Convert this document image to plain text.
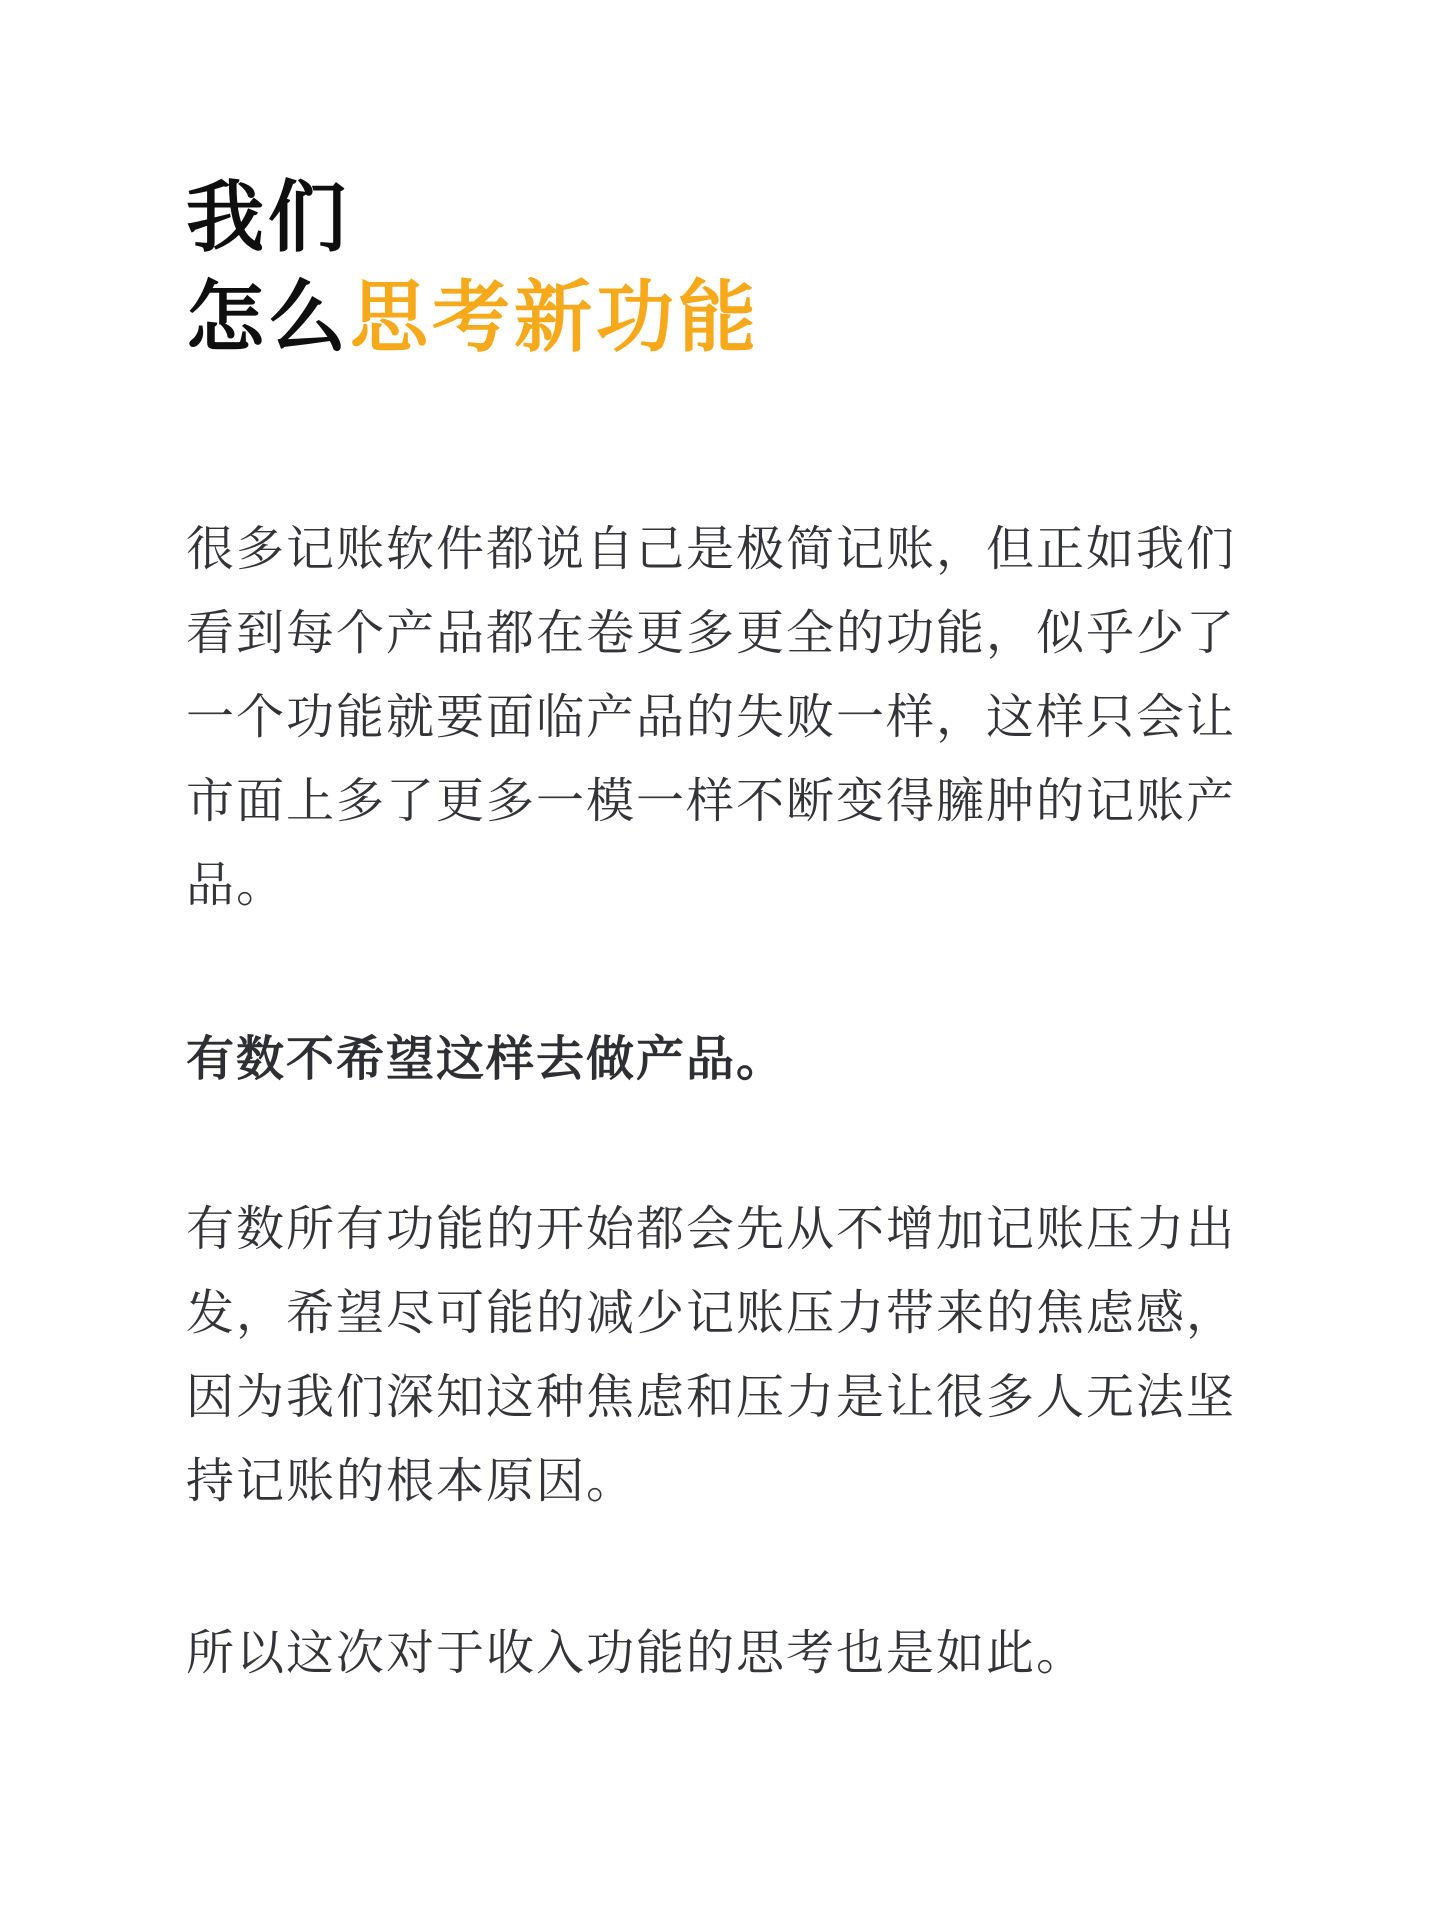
我们
怎么思考新功能

很多记账软件都说自己是极简记账，但正如我们看到每个产品都在卷更多更全的功能，似乎少了一个功能就要面临产品的失败一样，这样只会让市面上多了更多一模一样不断变得臃肿的记账产品。

有数不希望这样去做产品。

有数所有功能的开始都会先从不增加记账压力出发，希望尽可能的减少记账压力带来的焦虑感，因为我们深知这种焦虑和压力是让很多人无法坚持记账的根本原因。

所以这次对于收入功能的思考也是如此。
